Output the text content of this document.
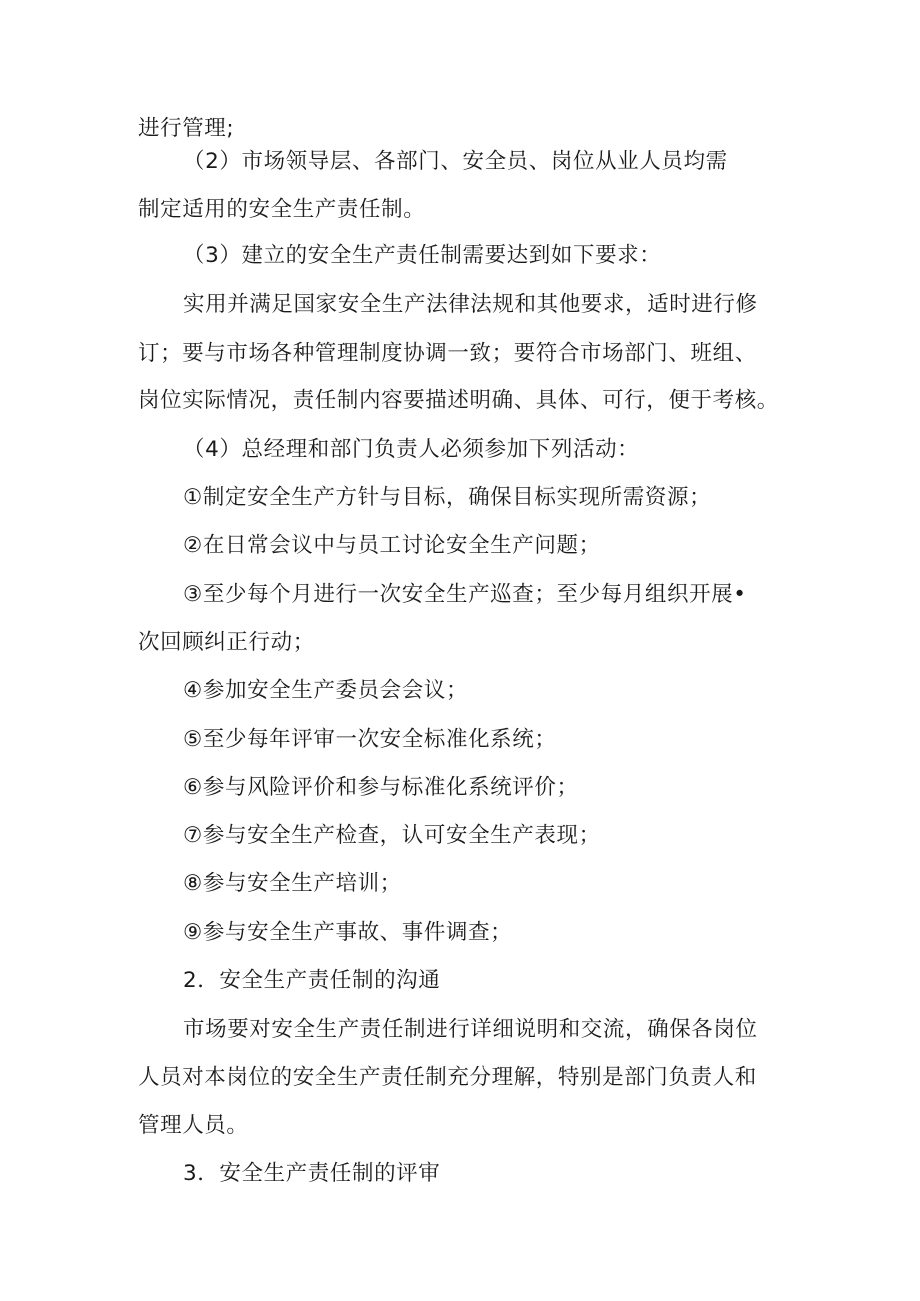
进行管理;

（2）市场领导层、各部门、安全员、岗位从业人员均需

制定适用的安全生产责任制。

（3）建立的安全生产责任制需要达到如下要求：

实用并满足国家安全生产法律法规和其他要求，适时进行修

订；要与市场各种管理制度协调一致；要符合市场部门、班组、

岗位实际情况，责任制内容要描述明确、具体、可行，便于考核。

（4）总经理和部门负责人必须参加下列活动：

①制定安全生产方针与目标，确保目标实现所需资源；

②在日常会议中与员工讨论安全生产问题；

③至少每个月进行一次安全生产巡查；至少每月组织开展•

次回顾纠正行动；

④参加安全生产委员会会议；

⑤至少每年评审一次安全标准化系统；

⑥参与风险评价和参与标准化系统评价；

⑦参与安全生产检查，认可安全生产表现；

⑧参与安全生产培训；

⑨参与安全生产事故、事件调查；

2．安全生产责任制的沟通

市场要对安全生产责任制进行详细说明和交流，确保各岗位

人员对本岗位的安全生产责任制充分理解，特别是部门负责人和

管理人员。

3．安全生产责任制的评审
